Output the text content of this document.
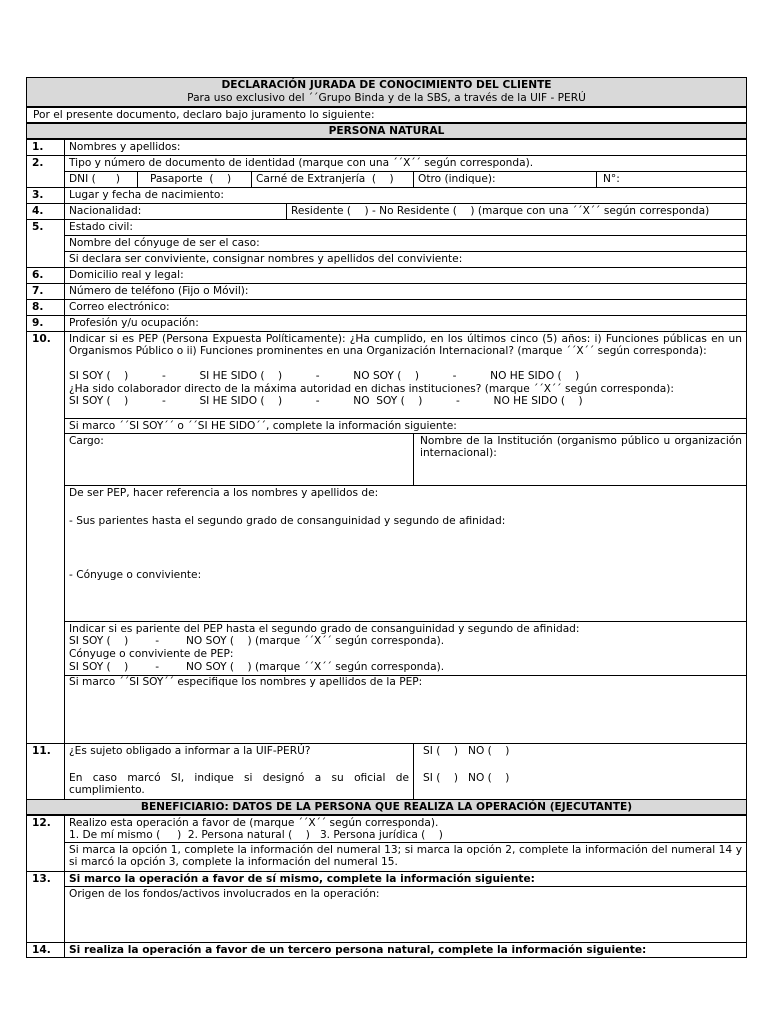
DECLARACIÓN JURADA DE CONOCIMIENTO DEL CLIENTE
Para uso exclusivo del ´´Grupo Binda y de la SBS, a través de la UIF - PERÚ
Por el presente documento, declaro bajo juramento lo siguiente:
PERSONA NATURAL
1.	Nombres y apellidos:
2.	Tipo y número de documento de identidad (marque con una ´´X´´ según corresponda).
DNI (      )	Pasaporte  (    ) Carné de Extranjería  (    ) Otro (indique):	N°:
3.	Lugar y fecha de nacimiento:
4.	Nacionalidad:	Residente (    ) - No Residente (    ) (marque con una ´´X´´ según corresponda)
5.	Estado civil:
Nombre del cónyuge de ser el caso:
Si declara ser conviviente, consignar nombres y apellidos del conviviente:
6.	Domicilio real y legal:
7.	Número de teléfono (Fijo o Móvil):
8.	Correo electrónico:
9.	Profesión y/u ocupación:
10.	Indicar si es PEP (Persona Expuesta Políticamente): ¿Ha cumplido, en los últimos cinco (5) años: i) Funciones públicas en un Organismos Público o ii) Funciones prominentes en una Organización Internacional? (marque ´´X´´ según corresponda):
SI SOY (    )          -          SI HE SIDO (    )          -          NO SOY (    )          -          NO HE SIDO (    )
¿Ha sido colaborador directo de la máxima autoridad en dichas instituciones? (marque ´´X´´ según corresponda):
SI SOY (    )          -          SI HE SIDO (    )          -          NO  SOY (    )          -          NO HE SIDO (    )
Si marco ´´SI SOY´´ o ´´SI HE SIDO´´, complete la información siguiente:
Cargo:	Nombre de la Institución (organismo público u organización internacional):
De ser PEP, hacer referencia a los nombres y apellidos de:
- Sus parientes hasta el segundo grado de consanguinidad y segundo de afinidad:
- Cónyuge o conviviente:
Indicar si es pariente del PEP hasta el segundo grado de consanguinidad y segundo de afinidad:
SI SOY (    )        -        NO SOY (    ) (marque ´´X´´ según corresponda).
Cónyuge o conviviente de PEP:
SI SOY (    )        -        NO SOY (    ) (marque ´´X´´ según corresponda).
Si marco ´´SI SOY´´ especifique los nombres y apellidos de la PEP:
11.	¿Es sujeto obligado a informar a la UIF-PERÚ?	SI (    )   NO (    )
En caso marcó SI, indique si designó a su oficial de cumplimiento.
SI (    )   NO (    )
BENEFICIARIO: DATOS DE LA PERSONA QUE REALIZA LA OPERACIÓN (EJECUTANTE)
12.	Realizo esta operación a favor de (marque ´´X´´ según corresponda).
1. De mí mismo (     )  2. Persona natural (    )   3. Persona jurídica (    )
Si marca la opción 1, complete la información del numeral 13; si marca la opción 2, complete la información del numeral 14 y si marcó la opción 3, complete la información del numeral 15.
13.	Si marco la operación a favor de sí mismo, complete la información siguiente:
Origen de los fondos/activos involucrados en la operación:
14.	Si realiza la operación a favor de un tercero persona natural, complete la información siguiente:
